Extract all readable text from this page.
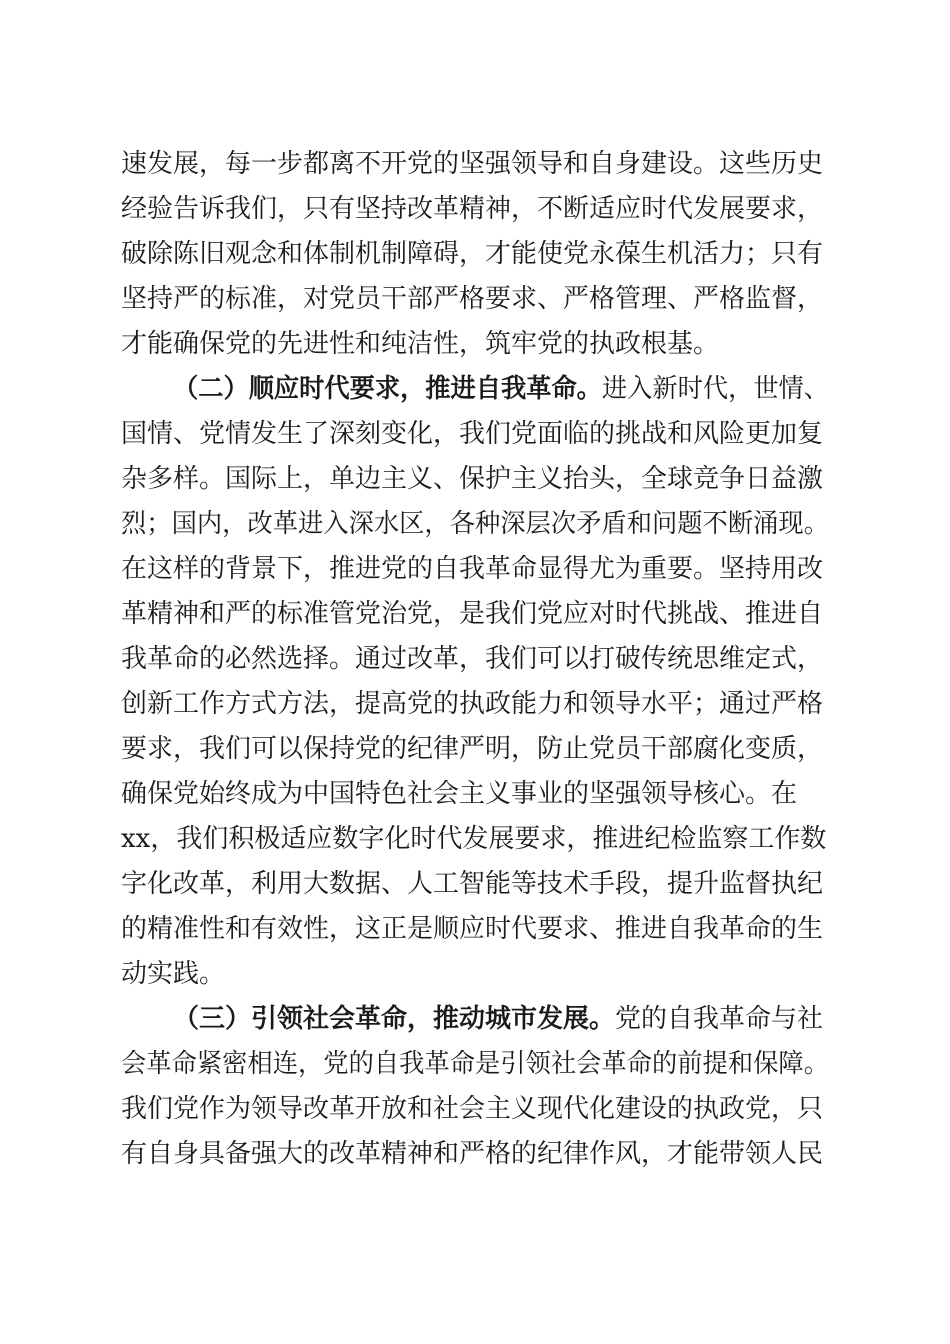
速发展，每一步都离不开党的坚强领导和自身建设。这些历史
经验告诉我们，只有坚持改革精神，不断适应时代发展要求，
破除陈旧观念和体制机制障碍，才能使党永葆生机活力；只有
坚持严的标准，对党员干部严格要求、严格管理、严格监督，
才能确保党的先进性和纯洁性，筑牢党的执政根基。
（二）顺应时代要求，推进自我革命。进入新时代，世情、
国情、党情发生了深刻变化，我们党面临的挑战和风险更加复
杂多样。国际上，单边主义、保护主义抬头，全球竞争日益激
烈；国内，改革进入深水区，各种深层次矛盾和问题不断涌现。
在这样的背景下，推进党的自我革命显得尤为重要。坚持用改
革精神和严的标准管党治党，是我们党应对时代挑战、推进自
我革命的必然选择。通过改革，我们可以打破传统思维定式，
创新工作方式方法，提高党的执政能力和领导水平；通过严格
要求，我们可以保持党的纪律严明，防止党员干部腐化变质，
确保党始终成为中国特色社会主义事业的坚强领导核心。在
xx，我们积极适应数字化时代发展要求，推进纪检监察工作数
字化改革，利用大数据、人工智能等技术手段，提升监督执纪
的精准性和有效性，这正是顺应时代要求、推进自我革命的生
动实践。
（三）引领社会革命，推动城市发展。党的自我革命与社
会革命紧密相连，党的自我革命是引领社会革命的前提和保障。
我们党作为领导改革开放和社会主义现代化建设的执政党，只
有自身具备强大的改革精神和严格的纪律作风，才能带领人民
